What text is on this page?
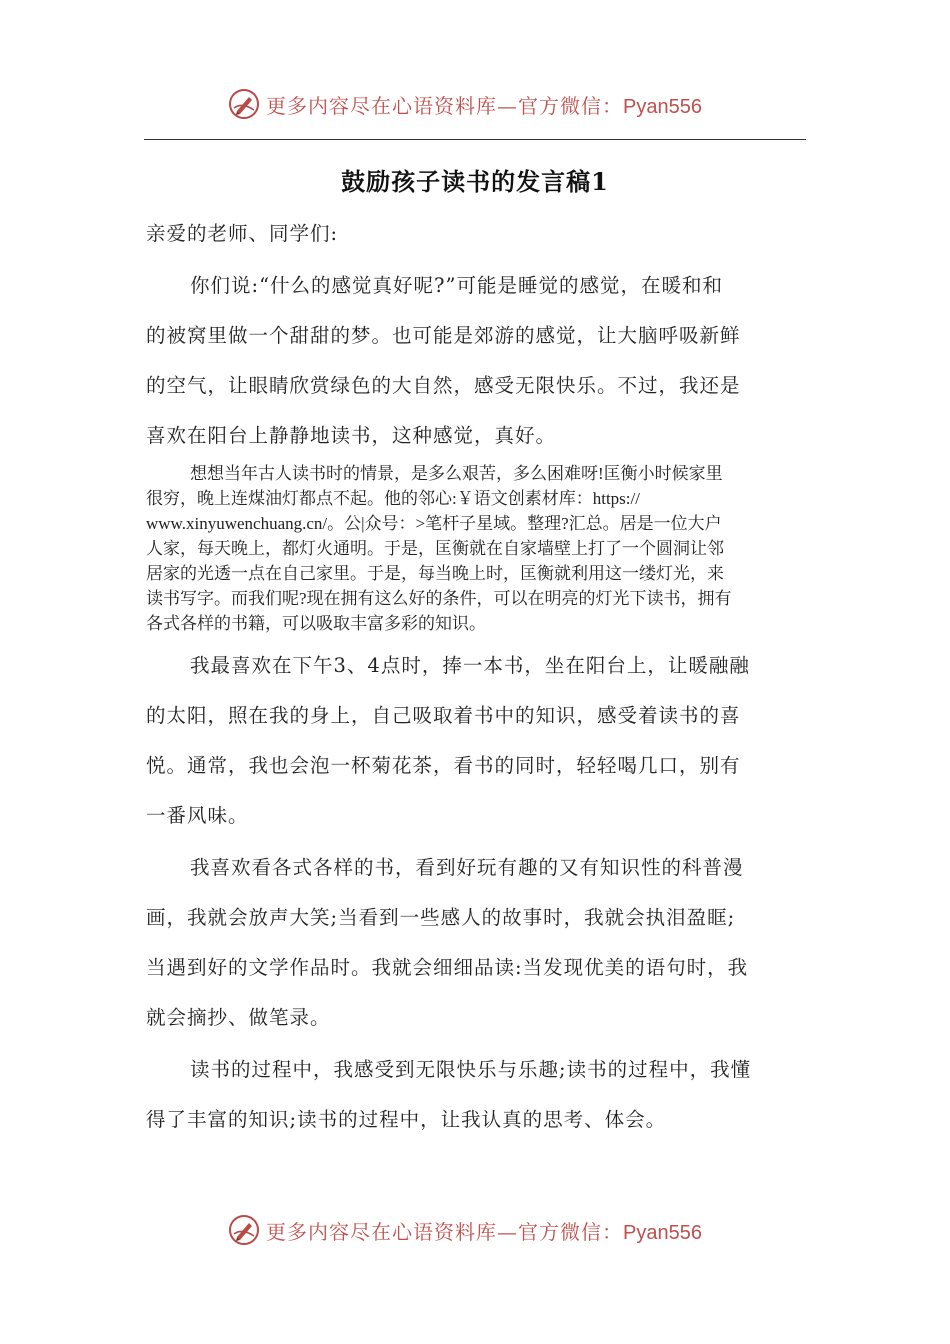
更多内容尽在心语资料库—官方微信：Pyan556
鼓励孩子读书的发言稿1
亲爱的老师、同学们:
你们说:“什么的感觉真好呢?”可能是睡觉的感觉，在暖和和
的被窝里做一个甜甜的梦。也可能是郊游的感觉，让大脑呼吸新鲜
的空气，让眼睛欣赏绿色的大自然，感受无限快乐。不过，我还是
喜欢在阳台上静静地读书，这种感觉，真好。
想想当年古人读书时的情景，是多么艰苦，多么困难呀!匡衡小时候家里
很穷，晚上连煤油灯都点不起。他的邻心:￥语文创素材库：https://
www.xinyuwenchuang.cn/。公|众号：>笔杆子星域。整理?汇总。居是一位大户
人家，每天晚上，都灯火通明。于是，匡衡就在自家墙壁上打了一个圆洞让邻
居家的光透一点在自己家里。于是，每当晚上时，匡衡就利用这一缕灯光，来
读书写字。而我们呢?现在拥有这么好的条件，可以在明亮的灯光下读书，拥有
各式各样的书籍，可以吸取丰富多彩的知识。
我最喜欢在下午3、4点时，捧一本书，坐在阳台上，让暖融融
的太阳，照在我的身上，自己吸取着书中的知识，感受着读书的喜
悦。通常，我也会泡一杯菊花茶，看书的同时，轻轻喝几口，别有
一番风味。
我喜欢看各式各样的书，看到好玩有趣的又有知识性的科普漫
画，我就会放声大笑;当看到一些感人的故事时，我就会执泪盈眶;
当遇到好的文学作品时。我就会细细品读:当发现优美的语句时，我
就会摘抄、做笔录。
读书的过程中，我感受到无限快乐与乐趣;读书的过程中，我懂
得了丰富的知识;读书的过程中，让我认真的思考、体会。
更多内容尽在心语资料库—官方微信：Pyan556
